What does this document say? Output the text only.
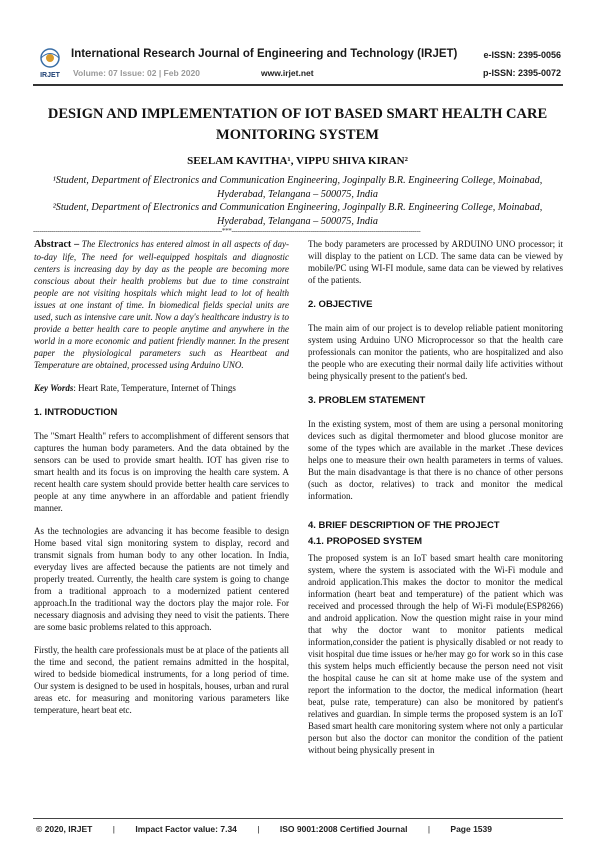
IRJET
International Research Journal of Engineering and Technology (IRJET)	e-ISSN: 2395-0056
Volume: 07 Issue: 02 | Feb 2020	www.irjet.net	p-ISSN: 2395-0072
DESIGN AND IMPLEMENTATION OF IOT BASED SMART HEALTH CARE MONITORING SYSTEM
SEELAM KAVITHA¹, VIPPU SHIVA KIRAN²
¹Student, Department of Electronics and Communication Engineering, Joginpally B.R. Engineering College, Moinabad, Hyderabad, Telangana – 500075, India
²Student, Department of Electronics and Communication Engineering, Joginpally B.R. Engineering College, Moinabad, Hyderabad, Telangana – 500075, India
---------------------------------------------------------------------------------------------***---------------------------------------------------------------------------------------------

Abstract – The Electronics has entered almost in all aspects of day-to-day life, The need for well-equipped hospitals and diagnostic centers is increasing day by day as the people are becoming more conscious about their health problems but due to time constraint people are not visiting hospitals which might lead to lot of health issues at one instant of time. In biomedical fields special units are used, such as intensive care unit. Now a day's healthcare industry is to provide a better health care to people anytime and anywhere in the world in a more economic and patient friendly manner. In the present paper the physiological parameters such as Heartbeat and Temperature are obtained, processed using Arduino UNO.

Key Words: Heart Rate, Temperature, Internet of Things

1. INTRODUCTION

The "Smart Health" refers to accomplishment of different sensors that captures the human body parameters. And the data obtained by the sensors can be used to provide smart health. IOT has given rise to smart health and its focus is on improving the health care system. A recent health care system should provide better health care services to people at any time anywhere in an affordable and patient friendly manner.

As the technologies are advancing it has become feasible to design Home based vital sign monitoring system to display, record and transmit signals from human body to any other location. In India, everyday lives are affected because the patients are not timely and properly treated. Currently, the health care system is going to change from a traditional approach to a modernized patient centered approach.In the traditional way the doctors play the major role. For necessary diagnosis and advising they need to visit the patients. There are some basic problems related to this approach.

Firstly, the health care professionals must be at place of the patients all the time and second, the patient remains admitted in the hospital, wired to bedside biomedical instruments, for a long period of time. Our system is designed to be used in hospitals, houses, urban and rural areas etc. for measuring and monitoring various parameters like temperature, heart beat etc.

The body parameters are processed by ARDUINO UNO processor; it will display to the patient on LCD. The same data can be viewed by mobile/PC using WI-FI module, same data can be viewed by relatives of the patients.

2. OBJECTIVE

The main aim of our project is to develop reliable patient monitoring system using Arduino UNO Microprocessor so that the health care professionals can monitor the patients, who are hospitalized and also the people who are executing their normal daily life activities without being physically present to the patient's bed.

3. PROBLEM STATEMENT

In the existing system, most of them are using a personal monitoring devices such as digital thermometer and blood glucose monitor are some of the types which are available in the market .These devices helps one to measure their own health parameters in terms of values. But the main disadvantage is that there is no chance of other persons (such as doctor, relatives) to track and monitor the medical information.

4. BRIEF DESCRIPTION OF THE PROJECT
4.1. PROPOSED SYSTEM

The proposed system is an IoT based smart health care monitoring system, where the system is associated with the Wi-Fi module and android application.This makes the doctor to monitor the medical information (heart beat and temperature) of the patient which was received and processed through the help of Wi-Fi module(ESP8266) and android application. Now the question might raise in your mind that why the doctor want to monitor patients medical information,consider the patient is physically disabled or not ready to visit hospital due time issues or he/her may go for work so in this case this system helps much efficiently because the person need not visit the hospital cause he can sit at home make use of the system and report the information to the doctor, the medical information (heart beat, pulse rate, temperature) can also be monitored by patient's relatives and guardian. In simple terms the proposed system is an IoT Based smart health care monitoring system where not only a particular person but also the doctor can monitor the condition of the patient without being physically present in

© 2020, IRJET | Impact Factor value: 7.34 | ISO 9001:2008 Certified Journal | Page 1539
